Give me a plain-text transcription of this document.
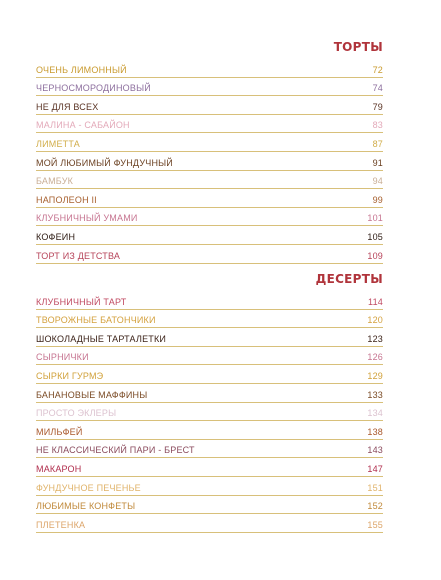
ТОРТЫ
ОЧЕНЬ ЛИМОННЫЙ	72
ЧЕРНОСМОРОДИНОВЫЙ	74
НЕ ДЛЯ ВСЕХ	79
МАЛИНА - САБАЙОН	83
ЛИМЕТТА	87
МОЙ ЛЮБИМЫЙ ФУНДУЧНЫЙ	91
БАМБУК	94
НАПОЛЕОН II	99
КЛУБНИЧНЫЙ УМАМИ	101
КОФЕИН	105
ТОРТ ИЗ ДЕТСТВА	109
ДЕСЕРТЫ
КЛУБНИЧНЫЙ ТАРТ	114
ТВОРОЖНЫЕ БАТОНЧИКИ	120
ШОКОЛАДНЫЕ ТАРТАЛЕТКИ	123
СЫРНИЧКИ	126
СЫРКИ ГУРМЭ	129
БАНАНОВЫЕ МАФФИНЫ	133
ПРОСТО ЭКЛЕРЫ	134
МИЛЬФЕЙ	138
НЕ КЛАССИЧЕСКИЙ ПАРИ - БРЕСТ	143
МАКАРОН	147
ФУНДУЧНОЕ ПЕЧЕНЬЕ	151
ЛЮБИМЫЕ КОНФЕТЫ	152
ПЛЕТЕНКА	155
